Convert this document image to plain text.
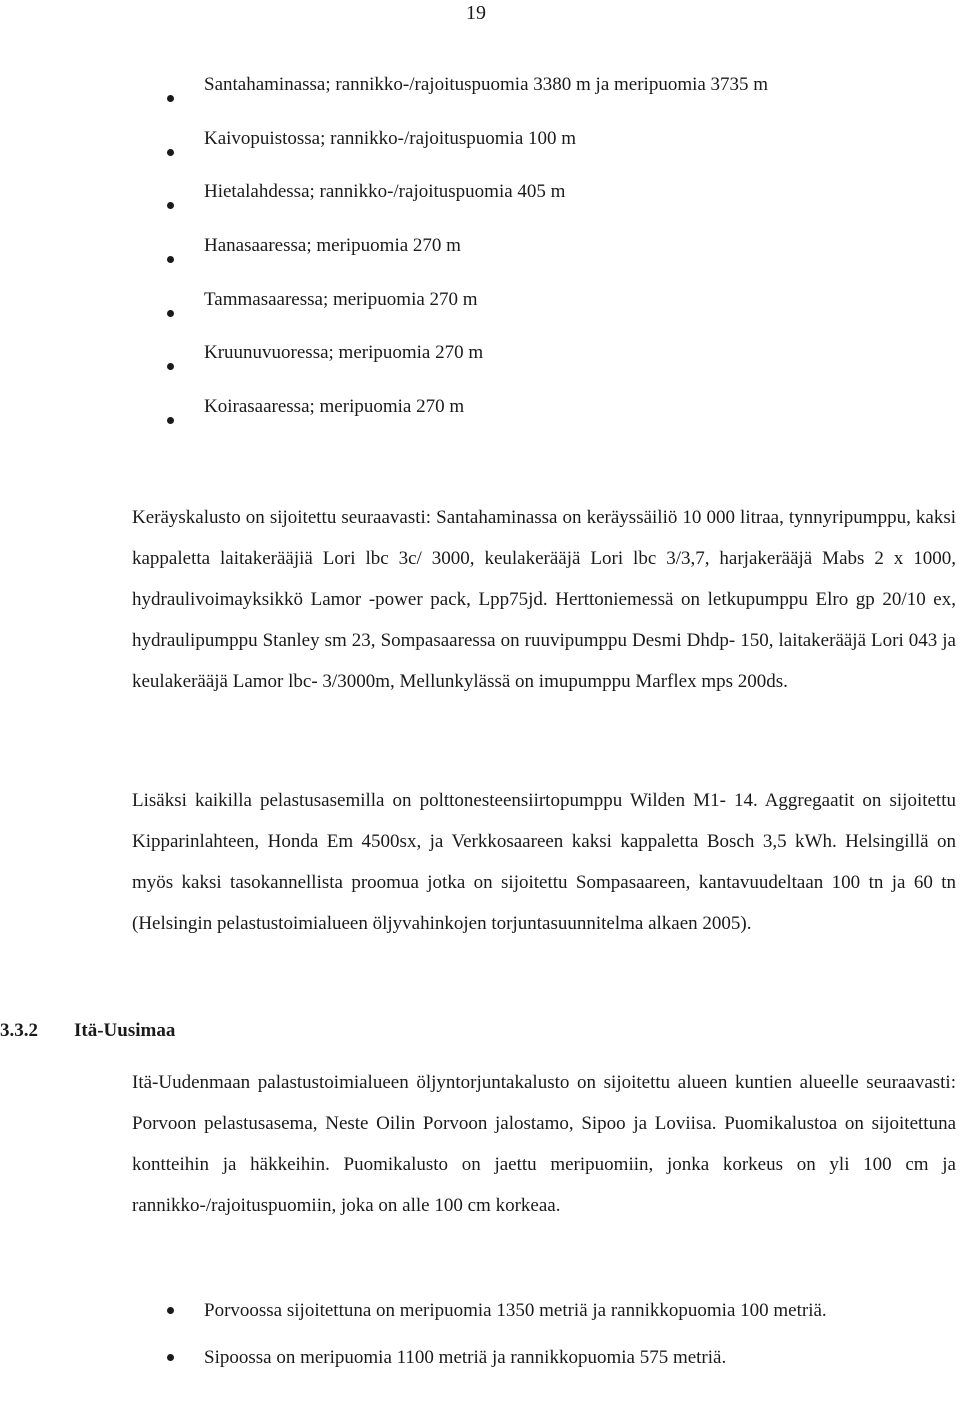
19
Santahaminassa; rannikko-/rajoituspuomia 3380 m ja meripuomia 3735 m
Kaivopuistossa; rannikko-/rajoituspuomia 100 m
Hietalahdessa; rannikko-/rajoituspuomia 405 m
Hanasaaressa; meripuomia 270 m
Tammasaaressa; meripuomia 270 m
Kruunuvuoressa; meripuomia 270 m
Koirasaaressa; meripuomia 270 m

Keräyskalusto on sijoitettu seuraavasti: Santahaminassa on keräyssäiliö 10 000 litraa, tynnyripumppu, kaksi kappaletta laitakerääjiä Lori lbc 3c/ 3000, keulakerääjä Lori lbc 3/3,7, harjakerääjä Mabs 2 x 1000, hydraulivoimayksikkö Lamor -power pack, Lpp75jd. Herttoniemessä on letkupumppu Elro gp 20/10 ex, hydraulipumppu Stanley sm 23, Sompasaaressa on ruuvipumppu Desmi Dhdp- 150, laitakerääjä Lori 043 ja keulakerääjä Lamor lbc- 3/3000m, Mellunkylässä on imupumppu Marflex mps 200ds.

Lisäksi kaikilla pelastusasemilla on polttonesteensiirtopumppu Wilden M1- 14. Aggregaatit on sijoitettu Kipparinlahteen, Honda Em 4500sx, ja Verkkosaareen kaksi kappaletta Bosch 3,5 kWh. Helsingillä on myös kaksi tasokannellista proomua jotka on sijoitettu Sompasaareen, kantavuudeltaan 100 tn ja 60 tn (Helsingin pelastustoimialueen öljyvahinkojen torjuntasuunnitelma alkaen 2005).

3.3.2 Itä-Uusimaa

Itä-Uudenmaan palastustoimialueen öljyntorjuntakalusto on sijoitettu alueen kuntien alueelle seuraavasti: Porvoon pelastusasema, Neste Oilin Porvoon jalostamo, Sipoo ja Loviisa. Puomikalustoa on sijoitettuna kontteihin ja häkkeihin. Puomikalusto on jaettu meripuomiin, jonka korkeus on yli 100 cm ja rannikko-/rajoituspuomiin, joka on alle 100 cm korkeaa.

Porvoossa sijoitettuna on meripuomia 1350 metriä ja rannikkopuomia 100 metriä.
Sipoossa on meripuomia 1100 metriä ja rannikkopuomia 575 metriä.
